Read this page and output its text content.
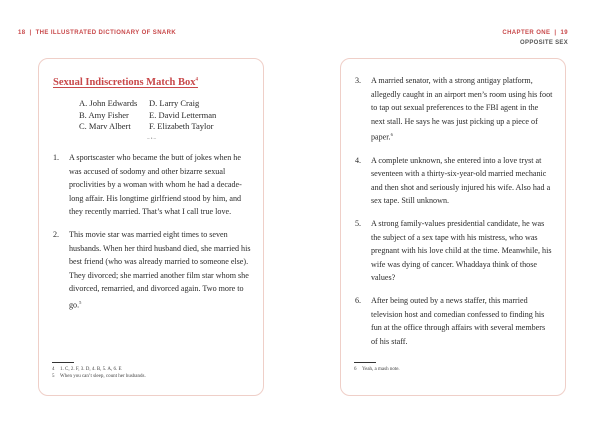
18 | THE ILLUSTRATED DICTIONARY OF SNARK
Sexual Indiscretions Match Box$^4$
A. John Edwards D. Larry Craig
B. Amy Fisher E. David Letterman
C. Marv Albert F. Elizabeth Taylor
~•~
1. A sportscaster who became the butt of jokes when he was accused of sodomy and other bizarre sexual proclivities by a woman with whom he had a decade-long affair. His longtime girlfriend stood by him, and they recently married. That’s what I call true love.
2. This movie star was married eight times to seven husbands. When her third husband died, she married his best friend (who was already married to someone else). They divorced; she married another film star whom she divorced, remarried, and divorced again. Two more to go.$^5$
4 1. C, 2. F, 3. D, 4. B, 5. A, 6. E
5 When you can’t sleep, count her husbands.
CHAPTER ONE | 19
OPPOSITE SEX
3. A married senator, with a strong antigay platform, allegedly caught in an airport men’s room using his foot to tap out sexual preferences to the FBI agent in the next stall. He says he was just picking up a piece of paper.$^6$
4. A complete unknown, she entered into a love tryst at seventeen with a thirty-six-year-old married mechanic and then shot and seriously injured his wife. Also had a sex tape. Still unknown.
5. A strong family-values presidential candidate, he was the subject of a sex tape with his mistress, who was pregnant with his love child at the time. Meanwhile, his wife was dying of cancer. Whaddaya think of those values?
6. After being outed by a news staffer, this married television host and comedian confessed to finding his fun at the office through affairs with several members of his staff.
6 Yeah, a mash note.
